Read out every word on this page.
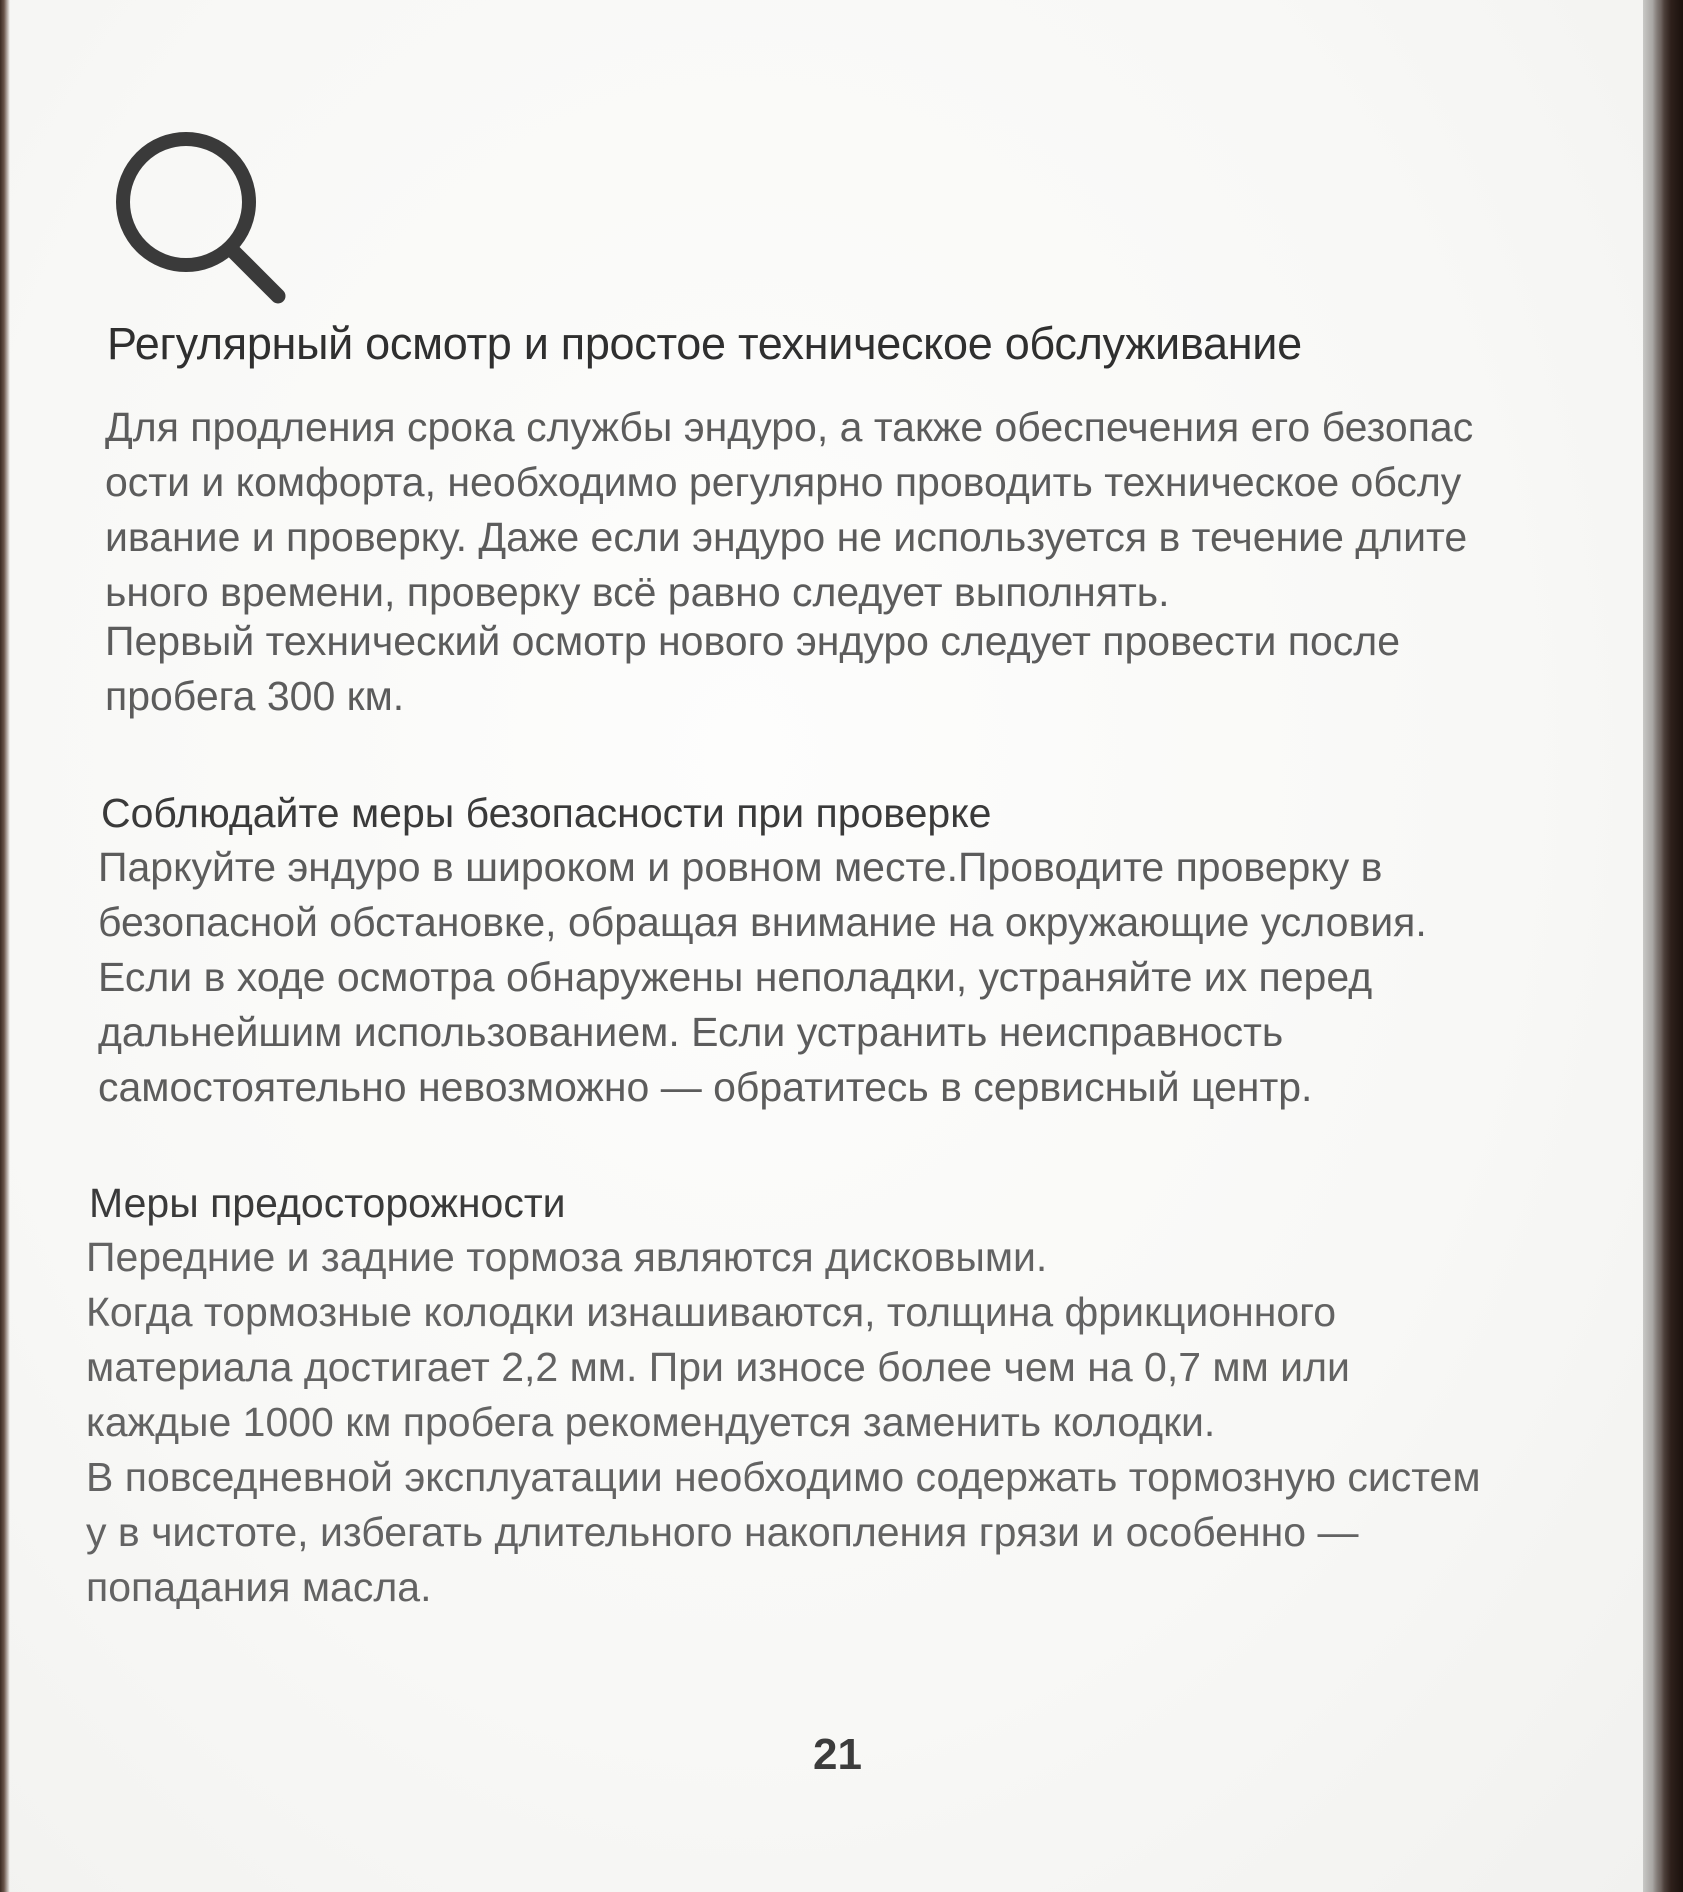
Регулярный осмотр и простое техническое обслуживание

Для продления срока службы эндуро, а также обеспечения его безопас
ости и комфорта, необходимо регулярно проводить техническое обслу
ивание и проверку. Даже если эндуро не используется в течение длите
ьного времени, проверку всё равно следует выполнять.

Первый технический осмотр нового эндуро следует провести после
пробега 300 км.

Соблюдайте меры безопасности при проверке

Паркуйте эндуро в широком и ровном месте.Проводите проверку в
безопасной обстановке, обращая внимание на окружающие условия.
Если в ходе осмотра обнаружены неполадки, устраняйте их перед
дальнейшим использованием. Если устранить неисправность
самостоятельно невозможно — обратитесь в сервисный центр.

Меры предосторожности

Передние и задние тормоза являются дисковыми.
Когда тормозные колодки изнашиваются, толщина фрикционного
материала достигает 2,2 мм. При износе более чем на 0,7 мм или
каждые 1000 км пробега рекомендуется заменить колодки.
В повседневной эксплуатации необходимо содержать тормозную систем
у в чистоте, избегать длительного накопления грязи и особенно —
попадания масла.

21
